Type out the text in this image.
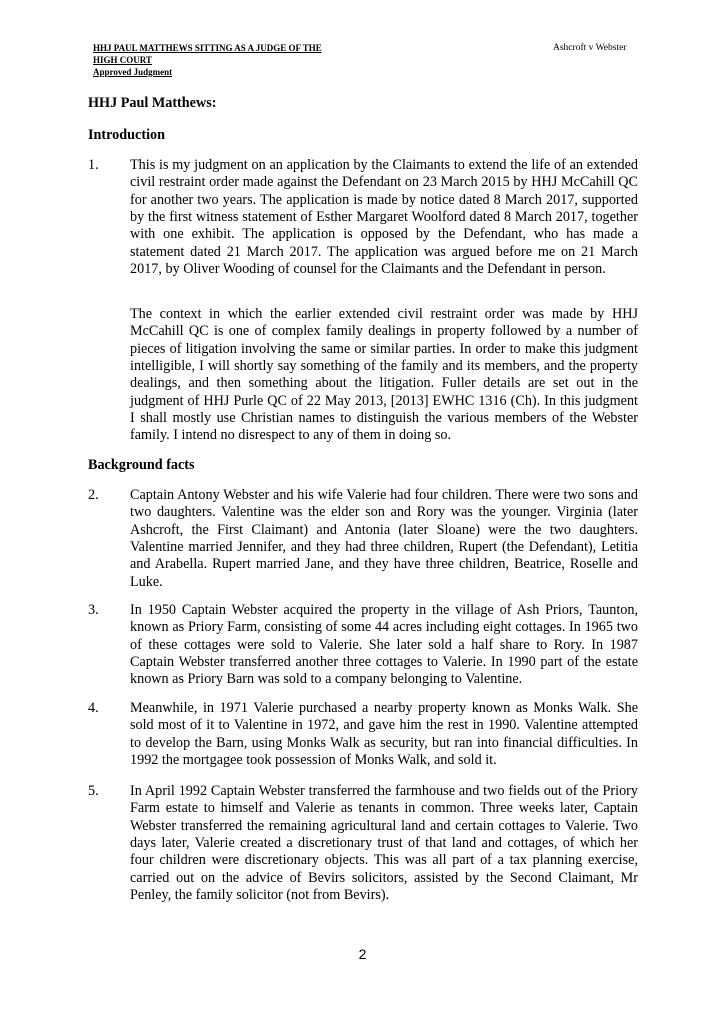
HHJ PAUL MATTHEWS SITTING AS A JUDGE OF THE
HIGH COURT
Approved Judgment
Ashcroft v Webster
HHJ Paul Matthews:
Introduction
1. This is my judgment on an application by the Claimants to extend the life of an extended civil restraint order made against the Defendant on 23 March 2015 by HHJ McCahill QC for another two years. The application is made by notice dated 8 March 2017, supported by the first witness statement of Esther Margaret Woolford dated 8 March 2017, together with one exhibit. The application is opposed by the Defendant, who has made a statement dated 21 March 2017. The application was argued before me on 21 March 2017, by Oliver Wooding of counsel for the Claimants and the Defendant in person.
The context in which the earlier extended civil restraint order was made by HHJ McCahill QC is one of complex family dealings in property followed by a number of pieces of litigation involving the same or similar parties. In order to make this judgment intelligible, I will shortly say something of the family and its members, and the property dealings, and then something about the litigation. Fuller details are set out in the judgment of HHJ Purle QC of 22 May 2013, [2013] EWHC 1316 (Ch). In this judgment I shall mostly use Christian names to distinguish the various members of the Webster family. I intend no disrespect to any of them in doing so.
Background facts
2. Captain Antony Webster and his wife Valerie had four children. There were two sons and two daughters. Valentine was the elder son and Rory was the younger. Virginia (later Ashcroft, the First Claimant) and Antonia (later Sloane) were the two daughters. Valentine married Jennifer, and they had three children, Rupert (the Defendant), Letitia and Arabella. Rupert married Jane, and they have three children, Beatrice, Roselle and Luke.
3. In 1950 Captain Webster acquired the property in the village of Ash Priors, Taunton, known as Priory Farm, consisting of some 44 acres including eight cottages. In 1965 two of these cottages were sold to Valerie. She later sold a half share to Rory. In 1987 Captain Webster transferred another three cottages to Valerie. In 1990 part of the estate known as Priory Barn was sold to a company belonging to Valentine.
4. Meanwhile, in 1971 Valerie purchased a nearby property known as Monks Walk. She sold most of it to Valentine in 1972, and gave him the rest in 1990. Valentine attempted to develop the Barn, using Monks Walk as security, but ran into financial difficulties. In 1992 the mortgagee took possession of Monks Walk, and sold it.
5. In April 1992 Captain Webster transferred the farmhouse and two fields out of the Priory Farm estate to himself and Valerie as tenants in common. Three weeks later, Captain Webster transferred the remaining agricultural land and certain cottages to Valerie. Two days later, Valerie created a discretionary trust of that land and cottages, of which her four children were discretionary objects. This was all part of a tax planning exercise, carried out on the advice of Bevirs solicitors, assisted by the Second Claimant, Mr Penley, the family solicitor (not from Bevirs).
2
